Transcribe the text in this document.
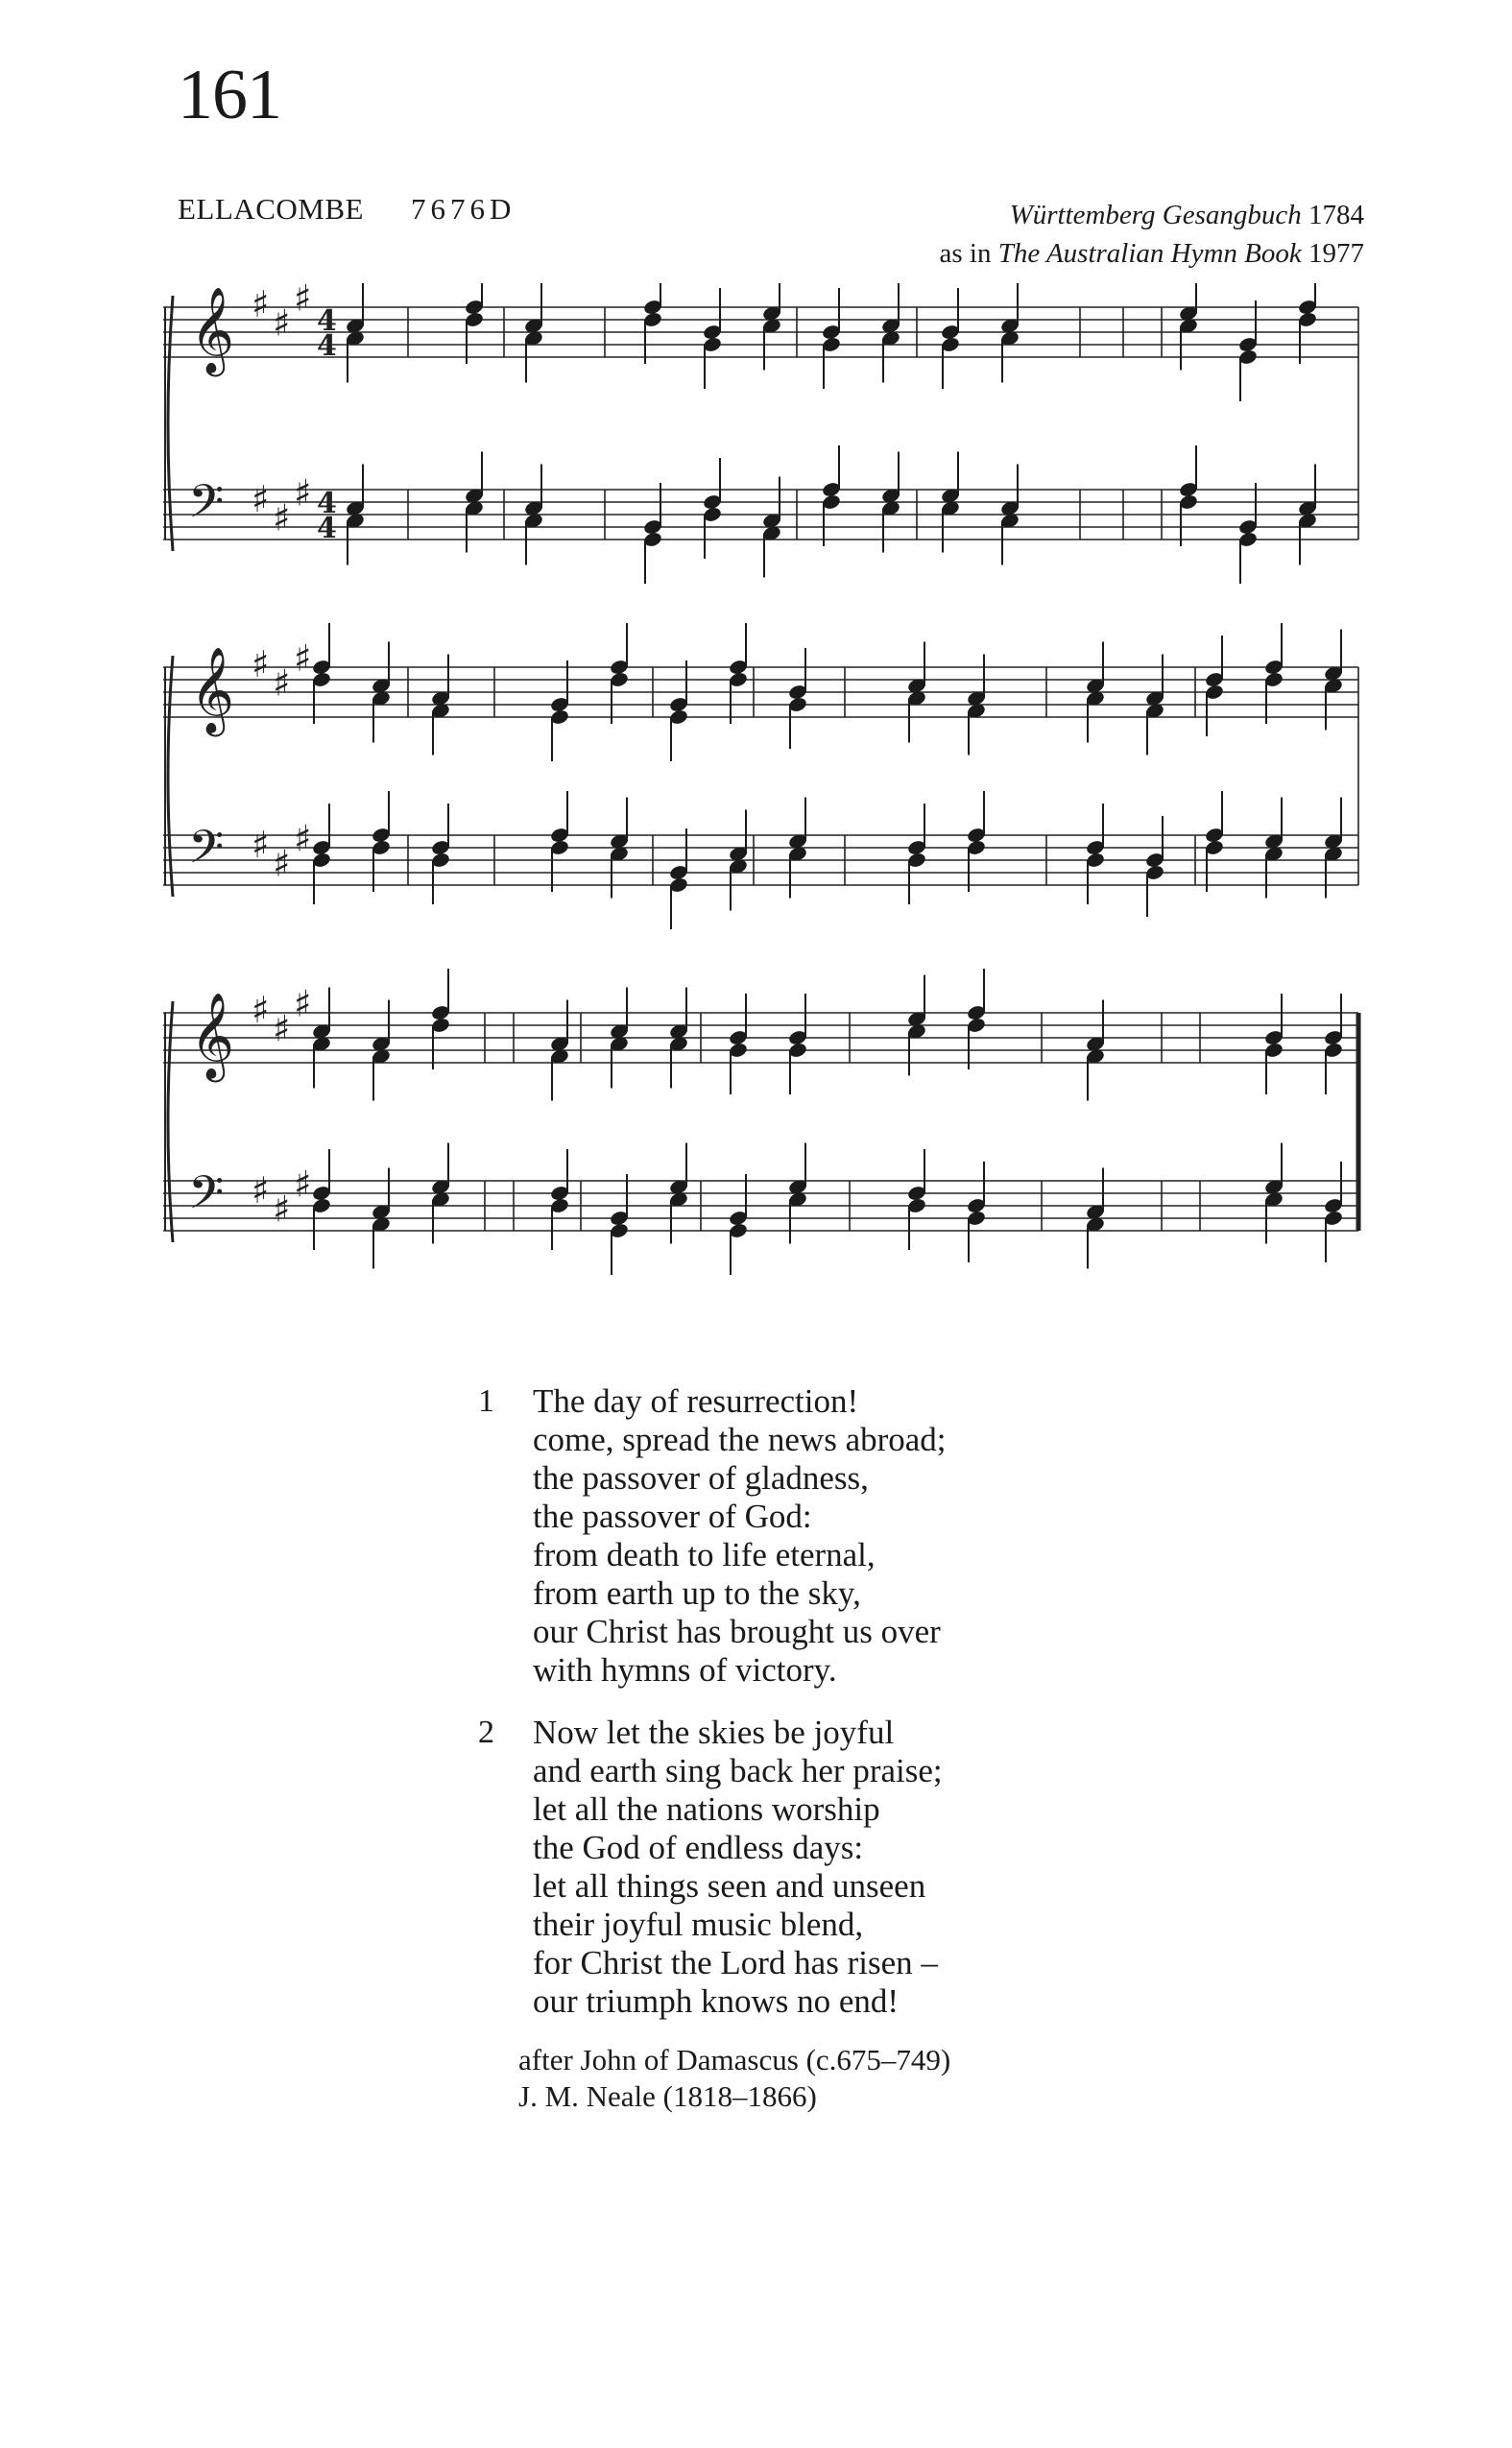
161
ELLACOMBE 7676D	Württemberg Gesangbuch 1784
as in The Australian Hymn Book 1977
𝄞
𝄢
♯ ♯
♯
♯ ♯
♯
4
4
4
4
𝄞
𝄢
♯ ♯
♯
♯ ♯
♯
𝄞
𝄢
♯ ♯
♯
♯ ♯
♯
1 The day of resurrection!
come, spread the news abroad;
the passover of gladness,
the passover of God:
from death to life eternal,
from earth up to the sky,
our Christ has brought us over
with hymns of victory.
2 Now let the skies be joyful
and earth sing back her praise;
let all the nations worship
the God of endless days:
let all things seen and unseen
their joyful music blend,
for Christ the Lord has risen –
our triumph knows no end!
after John of Damascus (c.675–749)
J. M. Neale (1818–1866)
